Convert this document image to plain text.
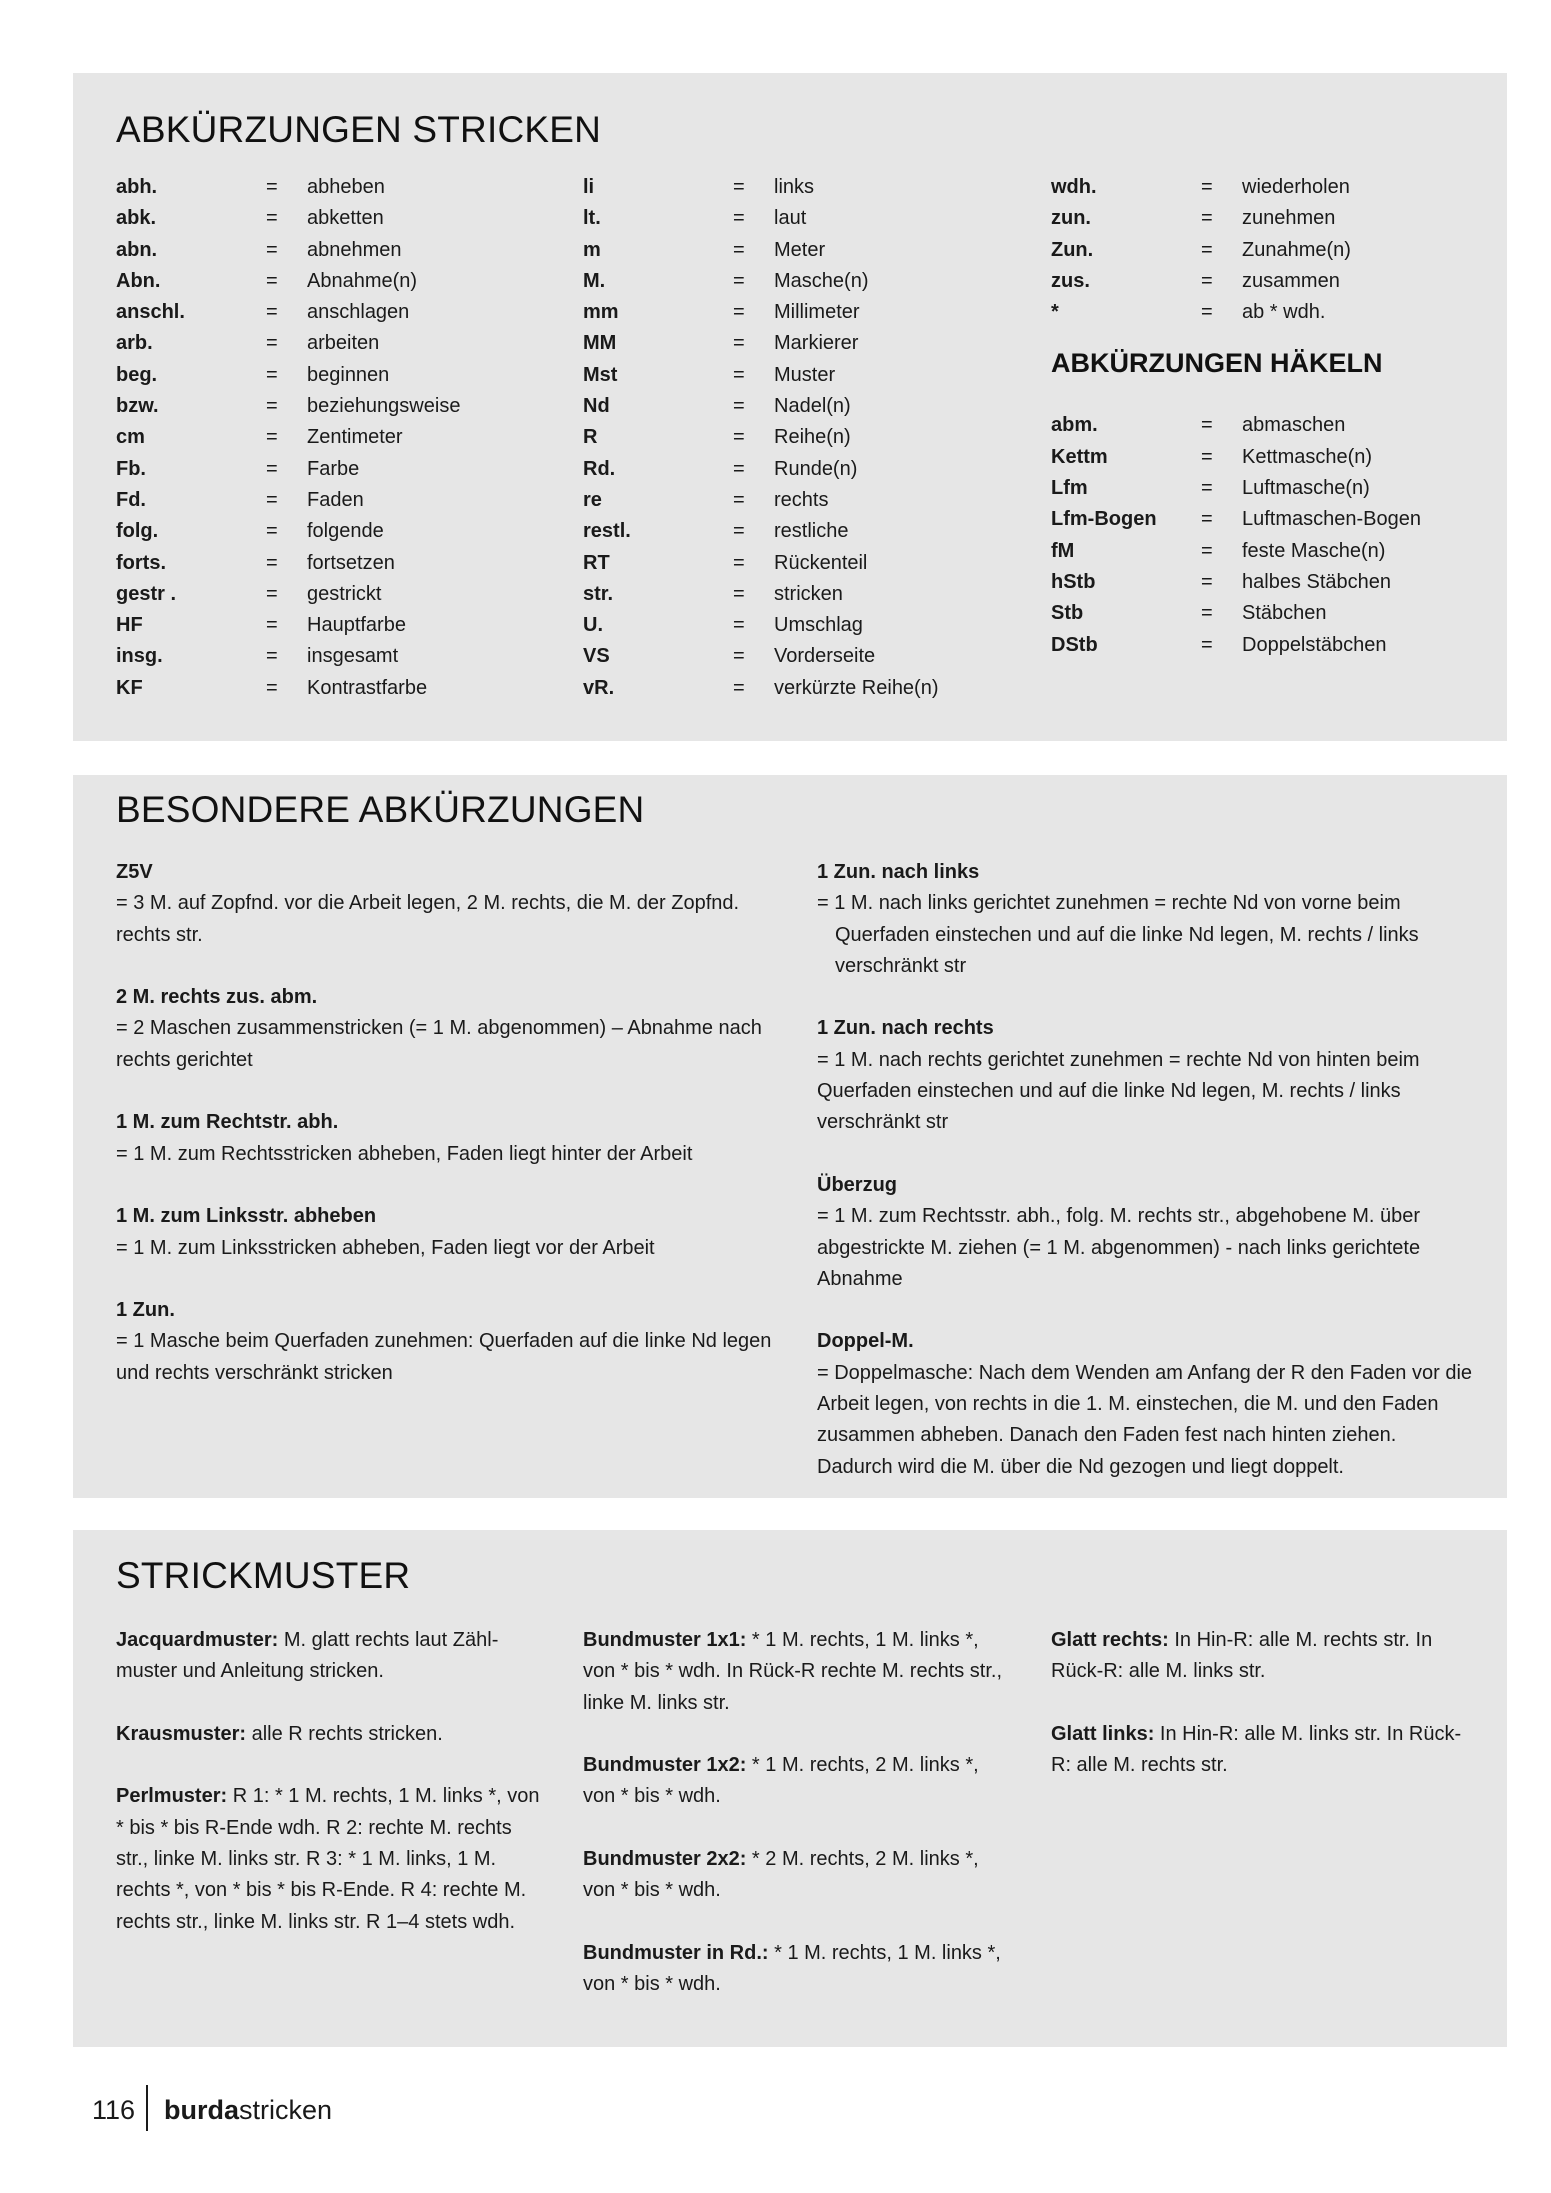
ABKÜRZUNGEN STRICKEN
abh.	= abheben
abk.	= abketten
abn.	= abnehmen
Abn.	= Abnahme(n)
anschl.	= anschlagen
arb.	= arbeiten
beg.	= beginnen
bzw.	= beziehungsweise
cm	= Zentimeter
Fb.	= Farbe
Fd.	= Faden
folg.	= folgende
forts.	= fortsetzen
gestr .	= gestrickt
HF	= Hauptfarbe
insg.	= insgesamt
KF	= Kontrastfarbe
li	= links
lt.	= laut
m	= Meter
M.	= Masche(n)
mm	= Millimeter
MM	= Markierer
Mst	= Muster
Nd	= Nadel(n)
R	= Reihe(n)
Rd.	= Runde(n)
re	= rechts
restl.	= restliche
RT	= Rückenteil
str.	= stricken
U.	= Umschlag
VS	= Vorderseite
vR.	= verkürzte Reihe(n)
wdh.	= wiederholen
zun.	= zunehmen
Zun.	= Zunahme(n)
zus.	= zusammen
*	= ab * wdh.
ABKÜRZUNGEN HÄKELN
abm.	= abmaschen
Kettm	= Kettmasche(n)
Lfm	= Luftmasche(n)
Lfm-Bogen = Luftmaschen-Bogen
fM	= feste Masche(n)
hStb	= halbes Stäbchen
Stb	= Stäbchen
DStb	= Doppelstäbchen
BESONDERE ABKÜRZUNGEN
Z5V
= 3 M. auf Zopfnd. vor die Arbeit legen, 2 M. rechts, die M. der Zopfnd. rechts str.
2 M. rechts zus. abm.
= 2 Maschen zusammenstricken (= 1 M. abgenommen) – Abnahme nach rechts gerichtet
1 M. zum Rechtstr. abh.
= 1 M. zum Rechtsstricken abheben, Faden liegt hinter der Arbeit
1 M. zum Linksstr. abheben
= 1 M. zum Linksstricken abheben, Faden liegt vor der Arbeit
1 Zun.
= 1 Masche beim Querfaden zunehmen: Querfaden auf die linke Nd legen und rechts verschränkt stricken
1 Zun. nach links
= 1 M. nach links gerichtet zunehmen = rechte Nd von vorne beim Querfaden einstechen und auf die linke Nd legen, M. rechts / links verschränkt str
1 Zun. nach rechts
= 1 M. nach rechts gerichtet zunehmen = rechte Nd von hinten beim Querfaden einstechen und auf die linke Nd legen, M. rechts / links verschränkt str
Überzug
= 1 M. zum Rechtsstr. abh., folg. M. rechts str., abgehobene M. über abgestrickte M. ziehen (= 1 M. abgenommen) - nach links gerichtete Abnahme
Doppel-M.
= Doppelmasche: Nach dem Wenden am Anfang der R den Faden vor die Arbeit legen, von rechts in die 1. M. einstechen, die M. und den Faden zusammen abheben. Danach den Faden fest nach hinten ziehen. Dadurch wird die M. über die Nd gezogen und liegt doppelt.
STRICKMUSTER

Jacquardmuster: M. glatt rechts laut Zählmuster und Anleitung stricken.

Krausmuster: alle R rechts stricken.

Perlmuster: R 1: * 1 M. rechts, 1 M. links *, von * bis * bis R-Ende wdh. R 2: rechte M. rechts str., linke M. links str. R 3: * 1 M. links, 1 M. rechts *, von * bis * bis R-Ende. R 4: rechte M. rechts str., linke M. links str. R 1–4 stets wdh.

Bundmuster 1x1: * 1 M. rechts, 1 M. links *, von * bis * wdh. In Rück-R rechte M. rechts str., linke M. links str.

Bundmuster 1x2: * 1 M. rechts, 2 M. links *, von * bis * wdh.

Bundmuster 2x2: * 2 M. rechts, 2 M. links *, von * bis * wdh.

Bundmuster in Rd.: * 1 M. rechts, 1 M. links *, von * bis * wdh.

Glatt rechts: In Hin-R: alle M. rechts str. In Rück-R: alle M. links str.

Glatt links: In Hin-R: alle M. links str. In Rück-R: alle M. rechts str.

116 burdastricken
